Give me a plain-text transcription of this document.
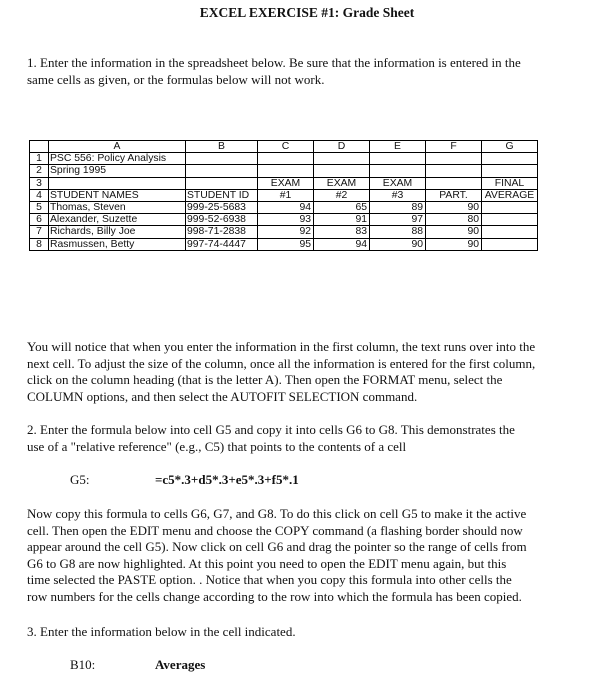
EXCEL EXERCISE #1: Grade Sheet
1. Enter the information in the spreadsheet below. Be sure that the information is entered in the
same cells as given, or the formulas below will not work.
	A	B	C	D	E	F	G
1	PSC 556: Policy Analysis						
2	Spring 1995						
3			EXAM	EXAM	EXAM		FINAL
4	STUDENT NAMES	STUDENT ID	#1	#2	#3	PART.	AVERAGE
5	Thomas, Steven	999-25-5683	94	65	89	90	
6	Alexander, Suzette	999-52-6938	93	91	97	80	
7	Richards, Billy Joe	998-71-2838	92	83	88	90	
8	Rasmussen, Betty	997-74-4447	95	94	90	90	
You will notice that when you enter the information in the first column, the text runs over into the
next cell. To adjust the size of the column, once all the information is entered for the first column,
click on the column heading (that is the letter A). Then open the FORMAT menu, select the
COLUMN options, and then select the AUTOFIT SELECTION command.
2. Enter the formula below into cell G5 and copy it into cells G6 to G8. This demonstrates the
use of a "relative reference" (e.g., C5) that points to the contents of a cell
G5:	=c5*.3+d5*.3+e5*.3+f5*.1
Now copy this formula to cells G6, G7, and G8. To do this click on cell G5 to make it the active
cell. Then open the EDIT menu and choose the COPY command (a flashing border should now
appear around the cell G5). Now click on cell G6 and drag the pointer so the range of cells from
G6 to G8 are now highlighted. At this point you need to open the EDIT menu again, but this
time selected the PASTE option. . Notice that when you copy this formula into other cells the
row numbers for the cells change according to the row into which the formula has been copied.
3. Enter the information below in the cell indicated.
B10:	Averages
